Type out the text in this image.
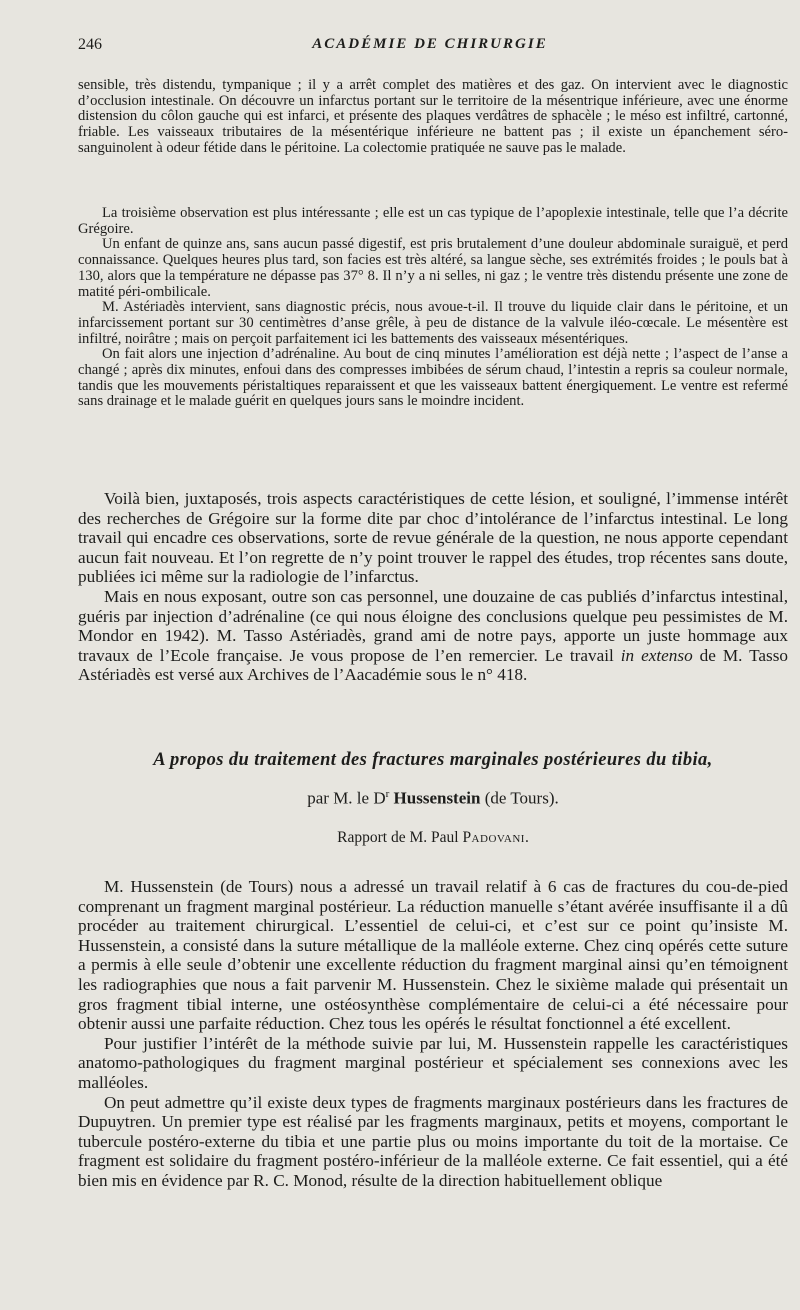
246	ACADÉMIE DE CHIRURGIE

sensible, très distendu, tympanique ; il y a arrêt complet des matières et des gaz. On intervient avec le diagnostic d’occlusion intestinale. On découvre un infarctus portant sur le territoire de la mésentrique inférieure, avec une énorme distension du côlon gauche qui est infarci, et présente des plaques verdâtres de sphacèle ; le méso est infiltré, cartonné, friable. Les vaisseaux tributaires de la mésentérique inférieure ne battent pas ; il existe un épanchement séro-sanguinolent à odeur fétide dans le péritoine. La colectomie pratiquée ne sauve pas le malade.

La troisième observation est plus intéressante ; elle est un cas typique de l’apoplexie intestinale, telle que l’a décrite Grégoire.

Un enfant de quinze ans, sans aucun passé digestif, est pris brutalement d’une douleur abdominale suraiguë, et perd connaissance. Quelques heures plus tard, son facies est très altéré, sa langue sèche, ses extrémités froides ; le pouls bat à 130, alors que la température ne dépasse pas 37° 8. Il n’y a ni selles, ni gaz ; le ventre très distendu présente une zone de matité péri-ombilicale.

M. Astériadès intervient, sans diagnostic précis, nous avoue-t-il. Il trouve du liquide clair dans le péritoine, et un infarcissement portant sur 30 centimètres d’anse grêle, à peu de distance de la valvule iléo-cœcale. Le mésentère est infiltré, noirâtre ; mais on perçoit parfaitement ici les battements des vaisseaux mésentériques.

On fait alors une injection d’adrénaline. Au bout de cinq minutes l’amélioration est déjà nette ; l’aspect de l’anse a changé ; après dix minutes, enfoui dans des compresses imbibées de sérum chaud, l’intestin a repris sa couleur normale, tandis que les mouvements péristaltiques reparaissent et que les vaisseaux battent énergiquement. Le ventre est refermé sans drainage et le malade guérit en quelques jours sans le moindre incident.

Voilà bien, juxtaposés, trois aspects caractéristiques de cette lésion, et souligné, l’immense intérêt des recherches de Grégoire sur la forme dite par choc d’intolérance de l’infarctus intestinal. Le long travail qui encadre ces observations, sorte de revue générale de la question, ne nous apporte cependant aucun fait nouveau. Et l’on regrette de n’y point trouver le rappel des études, trop récentes sans doute, publiées ici même sur la radiologie de l’infarctus.

Mais en nous exposant, outre son cas personnel, une douzaine de cas publiés d’infarctus intestinal, guéris par injection d’adrénaline (ce qui nous éloigne des conclusions quelque peu pessimistes de M. Mondor en 1942). M. Tasso Astériadès, grand ami de notre pays, apporte un juste hommage aux travaux de l’Ecole française. Je vous propose de l’en remercier. Le travail in extenso de M. Tasso Astériadès est versé aux Archives de l’Aacadémie sous le n° 418.

A propos du traitement des fractures marginales postérieures du tibia,
par M. le $D^r$ Hussenstein (de Tours).
Rapport de M. Paul Padovani.

M. Hussenstein (de Tours) nous a adressé un travail relatif à 6 cas de fractures du cou-de-pied comprenant un fragment marginal postérieur. La réduction manuelle s’étant avérée insuffisante il a dû procéder au traitement chirurgical. L’essentiel de celui-ci, et c’est sur ce point qu’insiste M. Hussenstein, a consisté dans la suture métallique de la malléole externe. Chez cinq opérés cette suture a permis à elle seule d’obtenir une excellente réduction du fragment marginal ainsi qu’en témoignent les radiographies que nous a fait parvenir M. Hussenstein. Chez le sixième malade qui présentait un gros fragment tibial interne, une ostéosynthèse complémentaire de celui-ci a été nécessaire pour obtenir aussi une parfaite réduction. Chez tous les opérés le résultat fonctionnel a été excellent.

Pour justifier l’intérêt de la méthode suivie par lui, M. Hussenstein rappelle les caractéristiques anatomo-pathologiques du fragment marginal postérieur et spécialement ses connexions avec les malléoles.

On peut admettre qu’il existe deux types de fragments marginaux postérieurs dans les fractures de Dupuytren. Un premier type est réalisé par les fragments marginaux, petits et moyens, comportant le tubercule postéro-externe du tibia et une partie plus ou moins importante du toit de la mortaise. Ce fragment est solidaire du fragment postéro-inférieur de la malléole externe. Ce fait essentiel, qui a été bien mis en évidence par R. C. Monod, résulte de la direction habituellement oblique
